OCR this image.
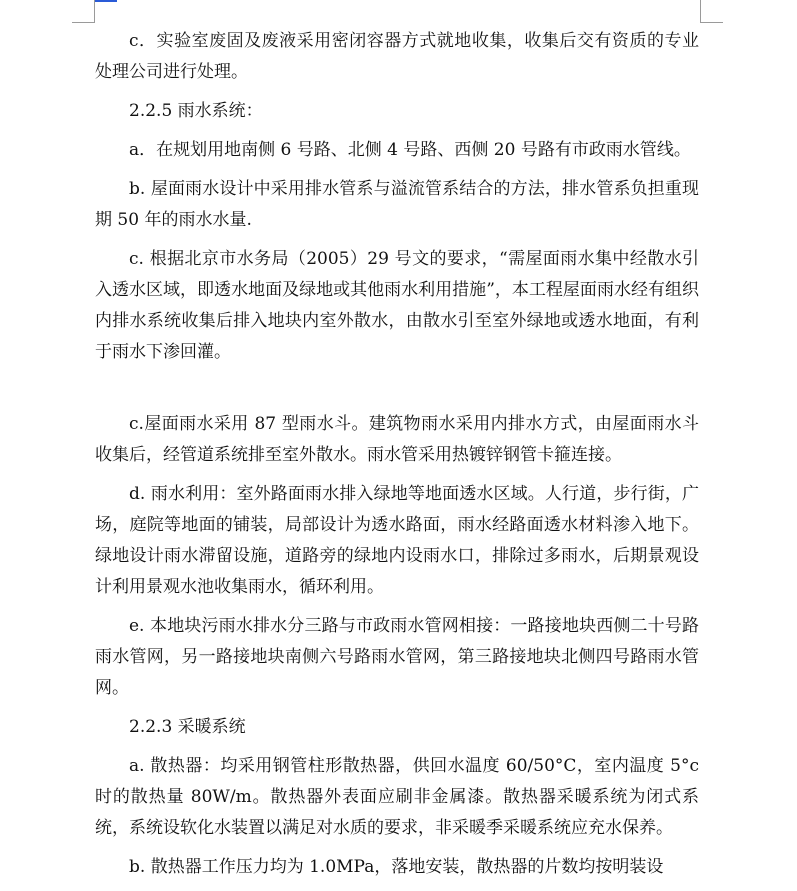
c．实验室废固及废液采用密闭容器方式就地收集，收集后交有资质的专业处理公司进行处理。

2.2.5 雨水系统：

a．在规划用地南侧 6 号路、北侧 4 号路、西侧 20 号路有市政雨水管线。

b. 屋面雨水设计中采用排水管系与溢流管系结合的方法，排水管系负担重现期 50 年的雨水水量.

c. 根据北京市水务局（2005）29 号文的要求，“需屋面雨水集中经散水引入透水区域，即透水地面及绿地或其他雨水利用措施”，本工程屋面雨水经有组织内排水系统收集后排入地块内室外散水，由散水引至室外绿地或透水地面，有利于雨水下渗回灌。

c.屋面雨水采用 87 型雨水斗。建筑物雨水采用内排水方式，由屋面雨水斗收集后，经管道系统排至室外散水。雨水管采用热镀锌钢管卡箍连接。

d. 雨水利用：室外路面雨水排入绿地等地面透水区域。人行道，步行街，广场，庭院等地面的铺装，局部设计为透水路面，雨水经路面透水材料渗入地下。绿地设计雨水滞留设施，道路旁的绿地内设雨水口，排除过多雨水，后期景观设计利用景观水池收集雨水，循环利用。

e. 本地块污雨水排水分三路与市政雨水管网相接：一路接地块西侧二十号路雨水管网，另一路接地块南侧六号路雨水管网，第三路接地块北侧四号路雨水管网。

2.2.3 采暖系统

a. 散热器：均采用钢管柱形散热器，供回水温度 60/50°C，室内温度 5°c 时的散热量 80W/m。散热器外表面应刷非金属漆。散热器采暖系统为闭式系统，系统设软化水装置以满足对水质的要求，非采暖季采暖系统应充水保养。

b. 散热器工作压力均为 1.0MPa，落地安装，散热器的片数均按明装设
